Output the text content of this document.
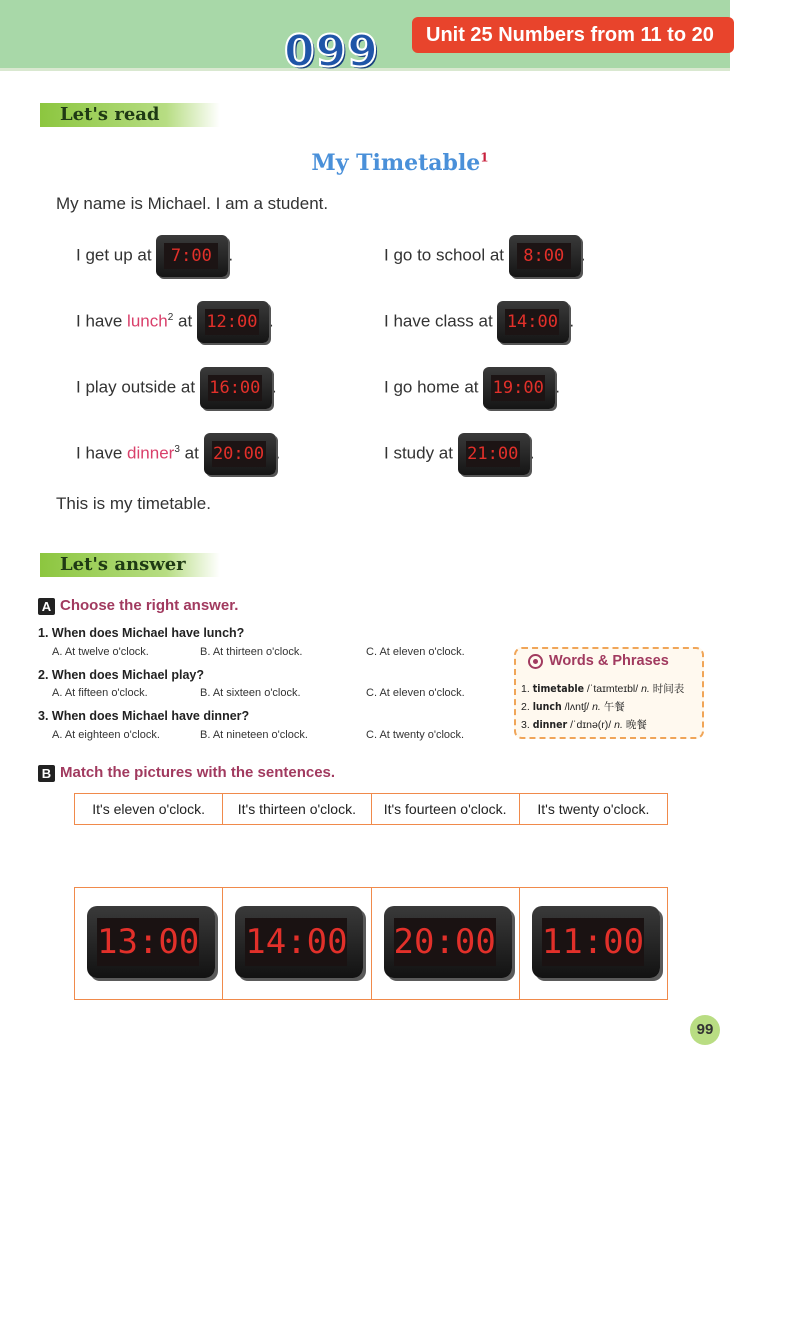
099	Unit 25 Numbers from 11 to 20
Let's read
My Timetable$^1$
My name is Michael. I am a student.
I get up at	7:00 .	I go to school at	8:00 .
I have lunch$^2$ at 12:00 .	I have class at 14:00 .
I play outside at 16:00 .	I go home at 19:00 .
I have dinner$^3$ at 20:00 .	I study at 21:00 .
This is my timetable.
Let's answer
A Choose the right answer.
1. When does Michael have lunch?
A. At twelve o'clock.	B. At thirteen o'clock.	C. At eleven o'clock.
2. When does Michael play?
A. At fifteen o'clock.	B. At sixteen o'clock.	C. At eleven o'clock.
3. When does Michael have dinner?
A. At eighteen o'clock.	B. At nineteen o'clock.	C. At twenty o'clock.
Words & Phrases
1. timetable /ˈtaɪmteɪbl/ n. 时间表
2. lunch /lʌntʃ/ n. 午餐
3. dinner /ˈdɪnə(r)/ n. 晚餐
B Match the pictures with the sentences.
It's eleven o'clock.	It's thirteen o'clock.	It's fourteen o'clock.	It's twenty o'clock.
13:00 14:00 20:00 11:00
99
